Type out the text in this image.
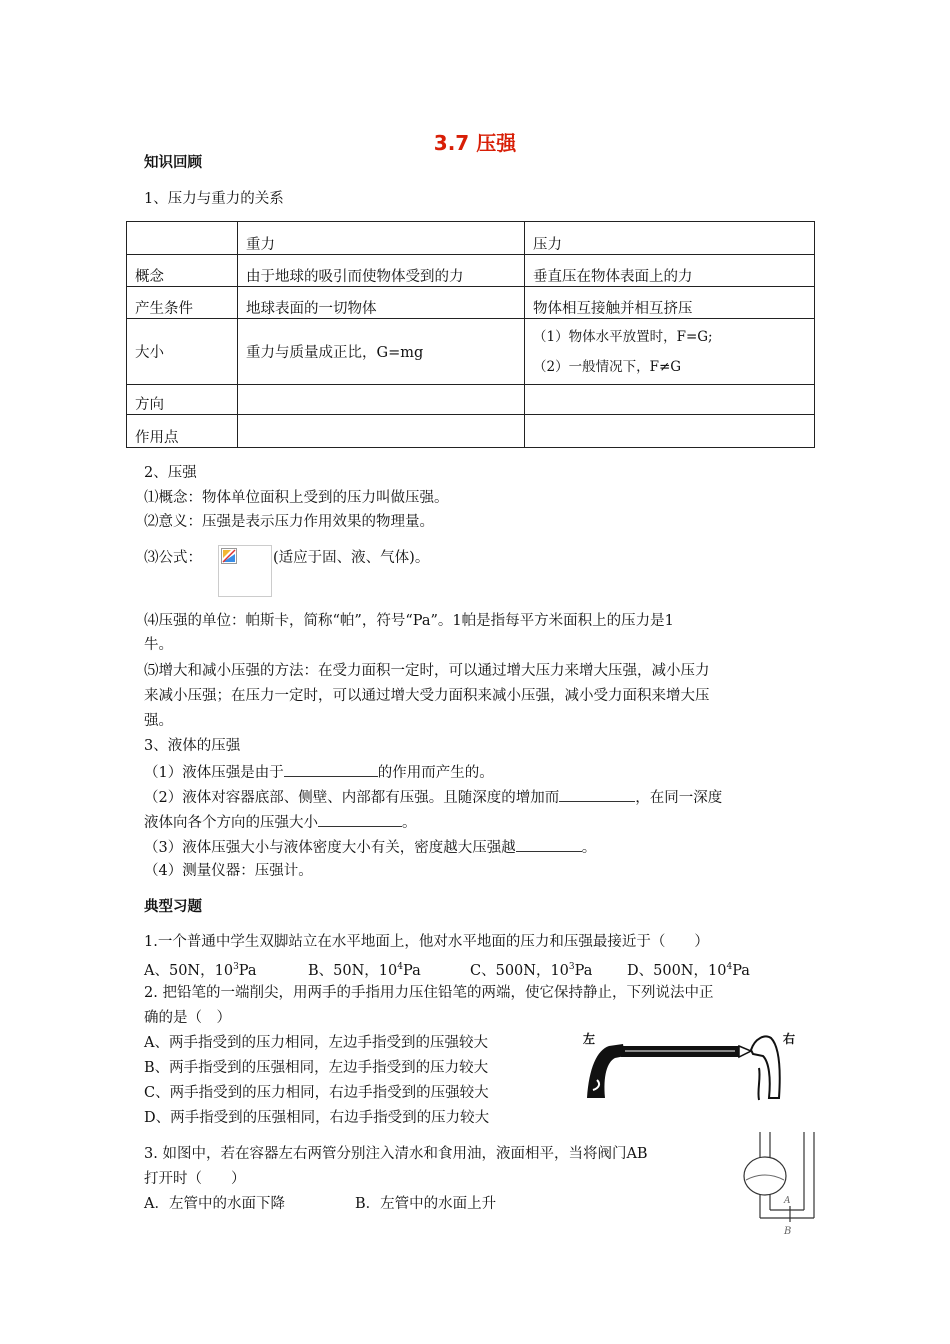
3.7 压强
知识回顾
1、压力与重力的关系
	重力	压力
概念	由于地球的吸引而使物体受到的力	垂直压在物体表面上的力
产生条件	地球表面的一切物体	物体相互接触并相互挤压
大小	重力与质量成正比，G=mg	（1）物体水平放置时，F=G;
（2）一般情况下，F≠G

方向		
作用点		
2、压强
⑴概念：物体单位面积上受到的压力叫做压强。
⑵意义：压强是表示压力作用效果的物理量。
⑶公式：	(适应于固、液、气体)。
⑷压强的单位：帕斯卡，简称“帕”，符号“Pa”。1帕是指每平方米面积上的压力是1
牛。
⑸增大和减小压强的方法：在受力面积一定时，可以通过增大压力来增大压强，减小压力
来减小压强；在压力一定时，可以通过增大受力面积来减小压强，减小受力面积来增大压
强。
3、液体的压强
（1）液体压强是由于	的作用而产生的。
（2）液体对容器底部、侧壁、内部都有压强。且随深度的增加而	，在同一深度
液体向各个方向的压强大小	。
（3）液体压强大小与液体密度大小有关，密度越大压强越	。
（4）测量仪器：压强计。
典型习题
1.一个普通中学生双脚站立在水平地面上，他对水平地面的压力和压强最接近于（　　）
A、50N，$10^3Pa$	B、50N，$10^4Pa$	C、500N，$10^3Pa$ D、500N，$10^4Pa$
2. 把铅笔的一端削尖，用两手的手指用力压住铅笔的两端，使它保持静止，下列说法中正
确的是（　）
A、两手指受到的压力相同，左边手指受到的压强较大
B、两手指受到的压强相同，左边手指受到的压力较大
C、两手指受到的压力相同，右边手指受到的压强较大
D、两手指受到的压强相同，右边手指受到的压力较大
左	右
3. 如图中，若在容器左右两管分别注入清水和食用油，液面相平，当将阀门AB
打开时（　　）
A．左管中的水面下降	B．左管中的水面上升	A
B
